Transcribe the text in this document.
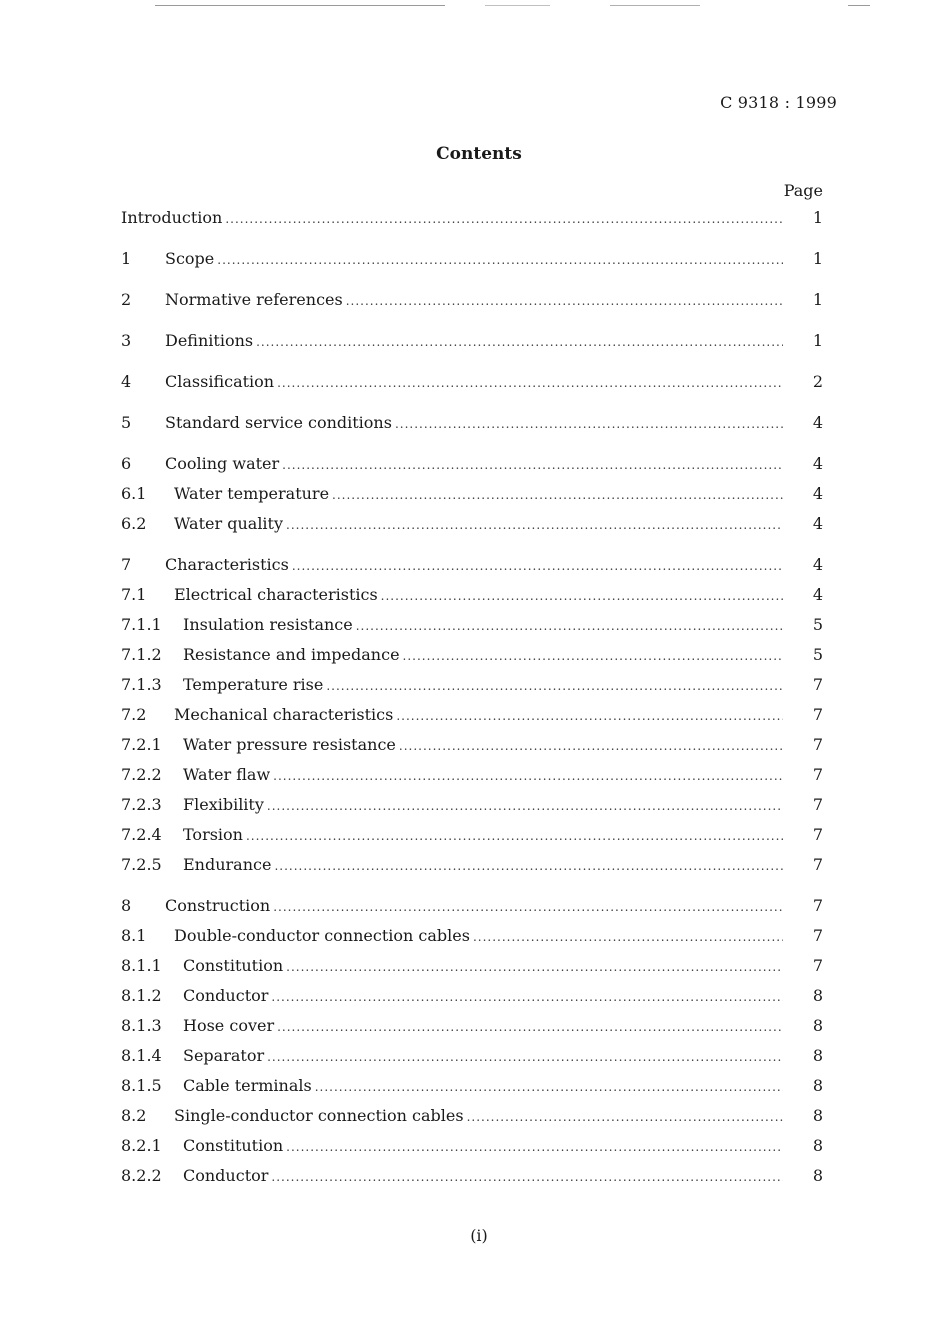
C 9318 : 1999
Contents
Page
Introduction .....	1
1	Scope .....	1
2	Normative references .....	1
3	Definitions .....	1
4	Classification .....	2
5	Standard service conditions .....	4
6	Cooling water .....	4
6.1	Water temperature .....	4
6.2	Water quality .....	4
7	Characteristics .....	4
7.1	Electrical characteristics .....	4
7.1.1	Insulation resistance .....	5
7.1.2	Resistance and impedance .....	5
7.1.3	Temperature rise .....	7
7.2	Mechanical characteristics .....	7
7.2.1	Water pressure resistance .....	7
7.2.2	Water flaw .....	7
7.2.3	Flexibility .....	7
7.2.4	Torsion .....	7
7.2.5	Endurance .....	7
8	Construction .....	7
8.1	Double-conductor connection cables .....	7
8.1.1	Constitution .....	7
8.1.2	Conductor .....	8
8.1.3	Hose cover .....	8
8.1.4	Separator .....	8
8.1.5	Cable terminals .....	8
8.2	Single-conductor connection cables .....	8
8.2.1	Constitution .....	8
8.2.2	Conductor .....	8
(i)
